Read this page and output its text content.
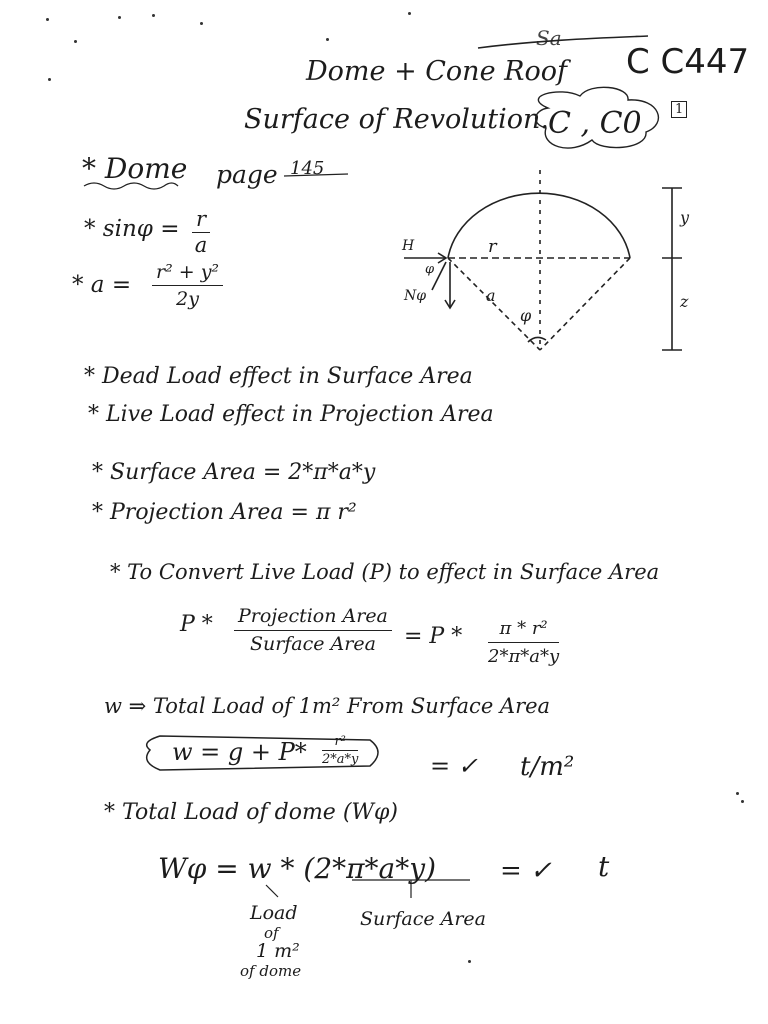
Dome + Cone Roof C C447
Sa
Surface of Revolution. C , C0	1
* Dome page 145
* $\sin\varphi = \frac{r}{a}$
* $a = \frac{\text{r² + y²}}{2y}$
H
Nφ
φ
r
a
φ
y
z
* Dead Load effect in Surface Area
* Live Load effect in Projection Area
* Surface Area = 2*π*a*y
* Projection Area = π r²
* To Convert Live Load (P) to effect in Surface Area
P * Projection Area
Surface Area	= P * $\frac{\text{π * r²}}{2*\pi*a*y}$
w ⇒ Total Load of 1m² From Surface Area
$w = g + P* \frac{\text{r²}}{2*a*y}$	= ✓ t/m²
* Total Load of dome (Wφ)
Wφ = w * (2*π*a*y) = ✓ t
Load
of
1 m²
of dome
Surface Area
